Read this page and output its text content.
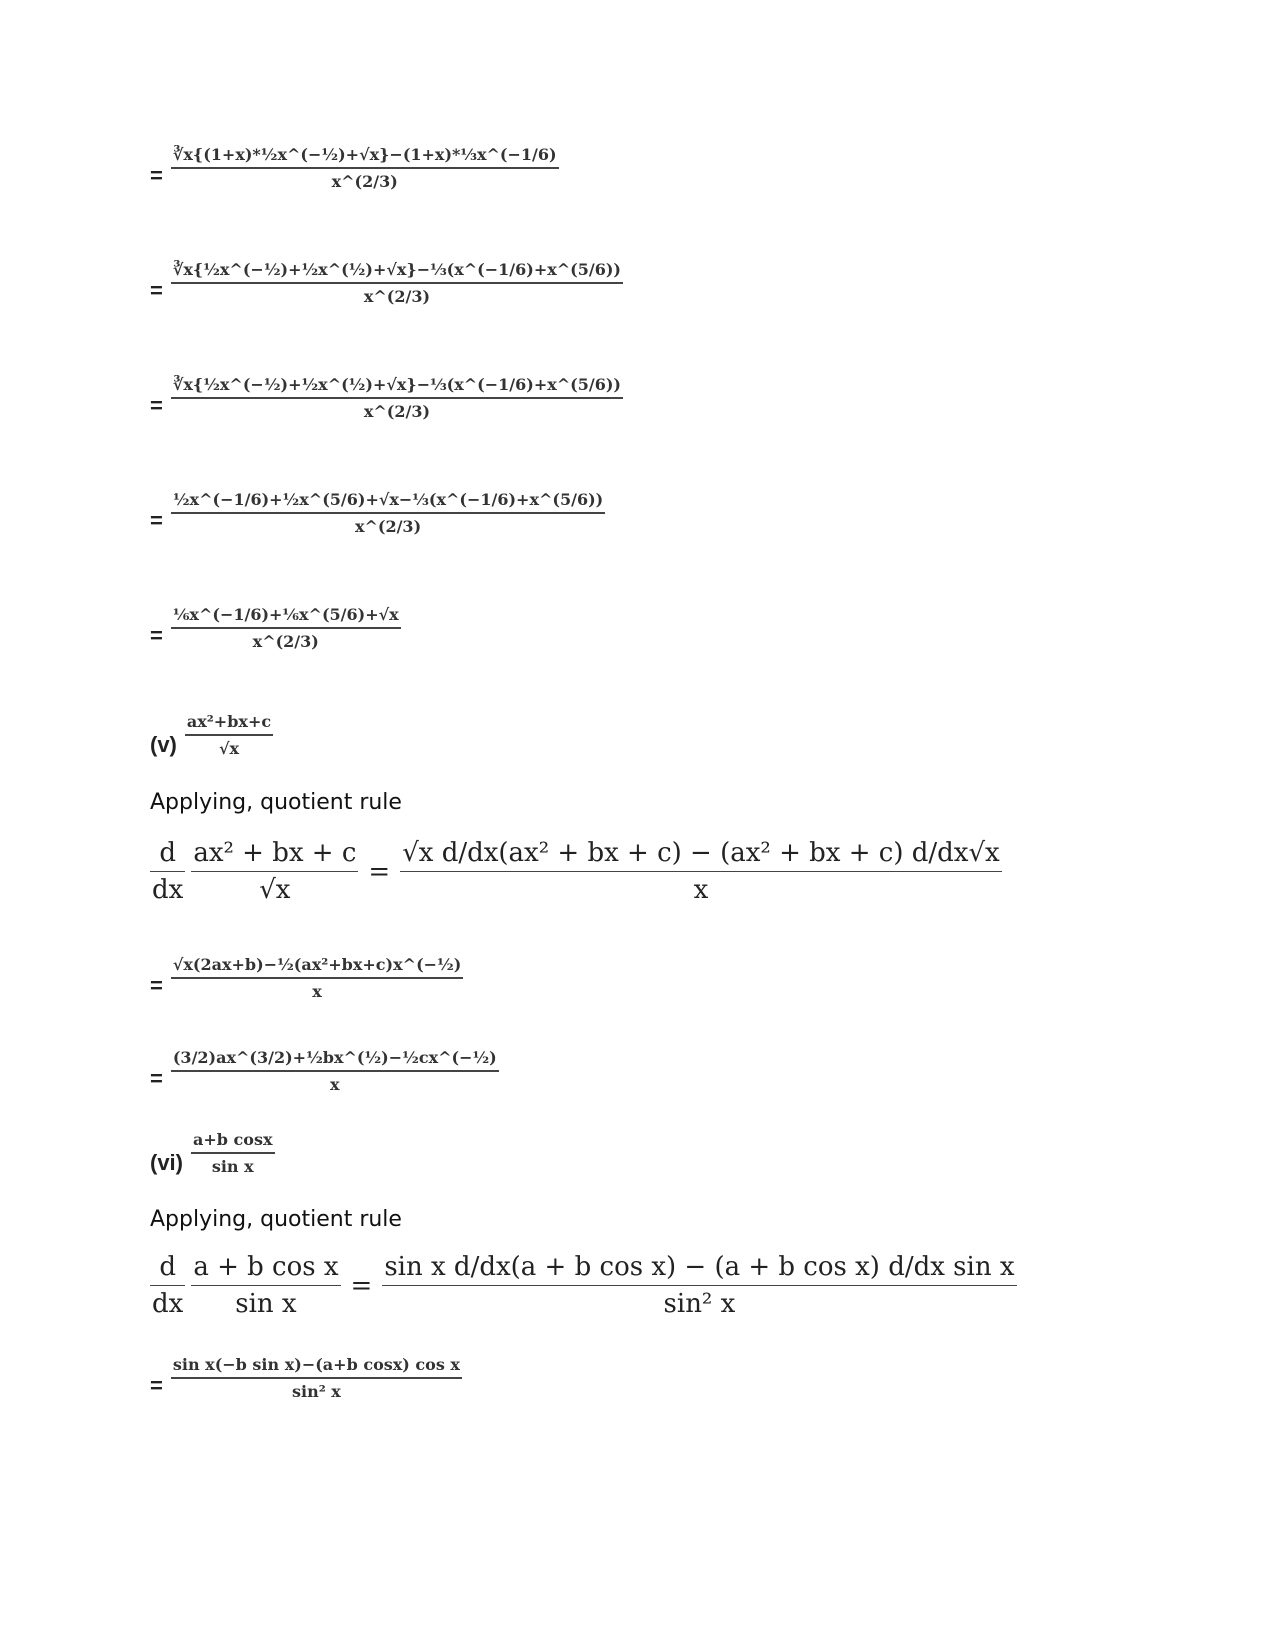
= $\frac{\text{∛x\{(1+x)*½x\textasciicircum{}(−½)+√x\}−(1+x)*⅓x\textasciicircum{}(−1/6)}}{x\^{}(2/3)}$
= $\frac{\text{∛x\{½x\textasciicircum{}(−½)+½x\textasciicircum{}(½)+√x\}−⅓(x\textasciicircum{}(−1/6)+x\textasciicircum{}(5/6))}}{x\^{}(2/3)}$
= $\frac{\text{∛x\{½x\textasciicircum{}(−½)+½x\textasciicircum{}(½)+√x\}−⅓(x\textasciicircum{}(−1/6)+x\textasciicircum{}(5/6))}}{x\^{}(2/3)}$
= $\frac{\text{½x\textasciicircum{}(−1/6)+½x\textasciicircum{}(5/6)+√x−⅓(x\textasciicircum{}(−1/6)+x\textasciicircum{}(5/6))}}{x\^{}(2/3)}$
= $\frac{\text{⅙x\textasciicircum{}(−1/6)+⅙x\textasciicircum{}(5/6)+√x}}{x\^{}(2/3)}$
$(v) \frac{\text{ax²+bx+c}}{√x}$
Applying, quotient rule
$\frac{d}{dx} \frac{\text{ax² + bx + c}}{√x} = \frac{\text{√x d/dx(ax² + bx + c) − (ax² + bx + c) d/dx√x}}{x}$
= $\frac{\text{√x(2ax+b)−½(ax²+bx+c)x\textasciicircum{}(−½)}}{x}$
= $\frac{\text{(3/2)ax\textasciicircum{}(3/2)+½bx\textasciicircum{}(½)−½cx\textasciicircum{}(−½)}}{x}$
$(vi) \frac{\text{a+b cosx}}{\text{sin x}}$
Applying, quotient rule
$\frac{d}{dx} \frac{\text{a + b cos x}}{\text{sin x}} = \frac{\text{sin x d/dx(a + b cos x) − (a + b cos x) d/dx sin x}}{\text{sin² x}}$
= $\frac{\text{sin x(−b sin x)−(a+b cosx) cos x}}{\text{sin² x}}$
